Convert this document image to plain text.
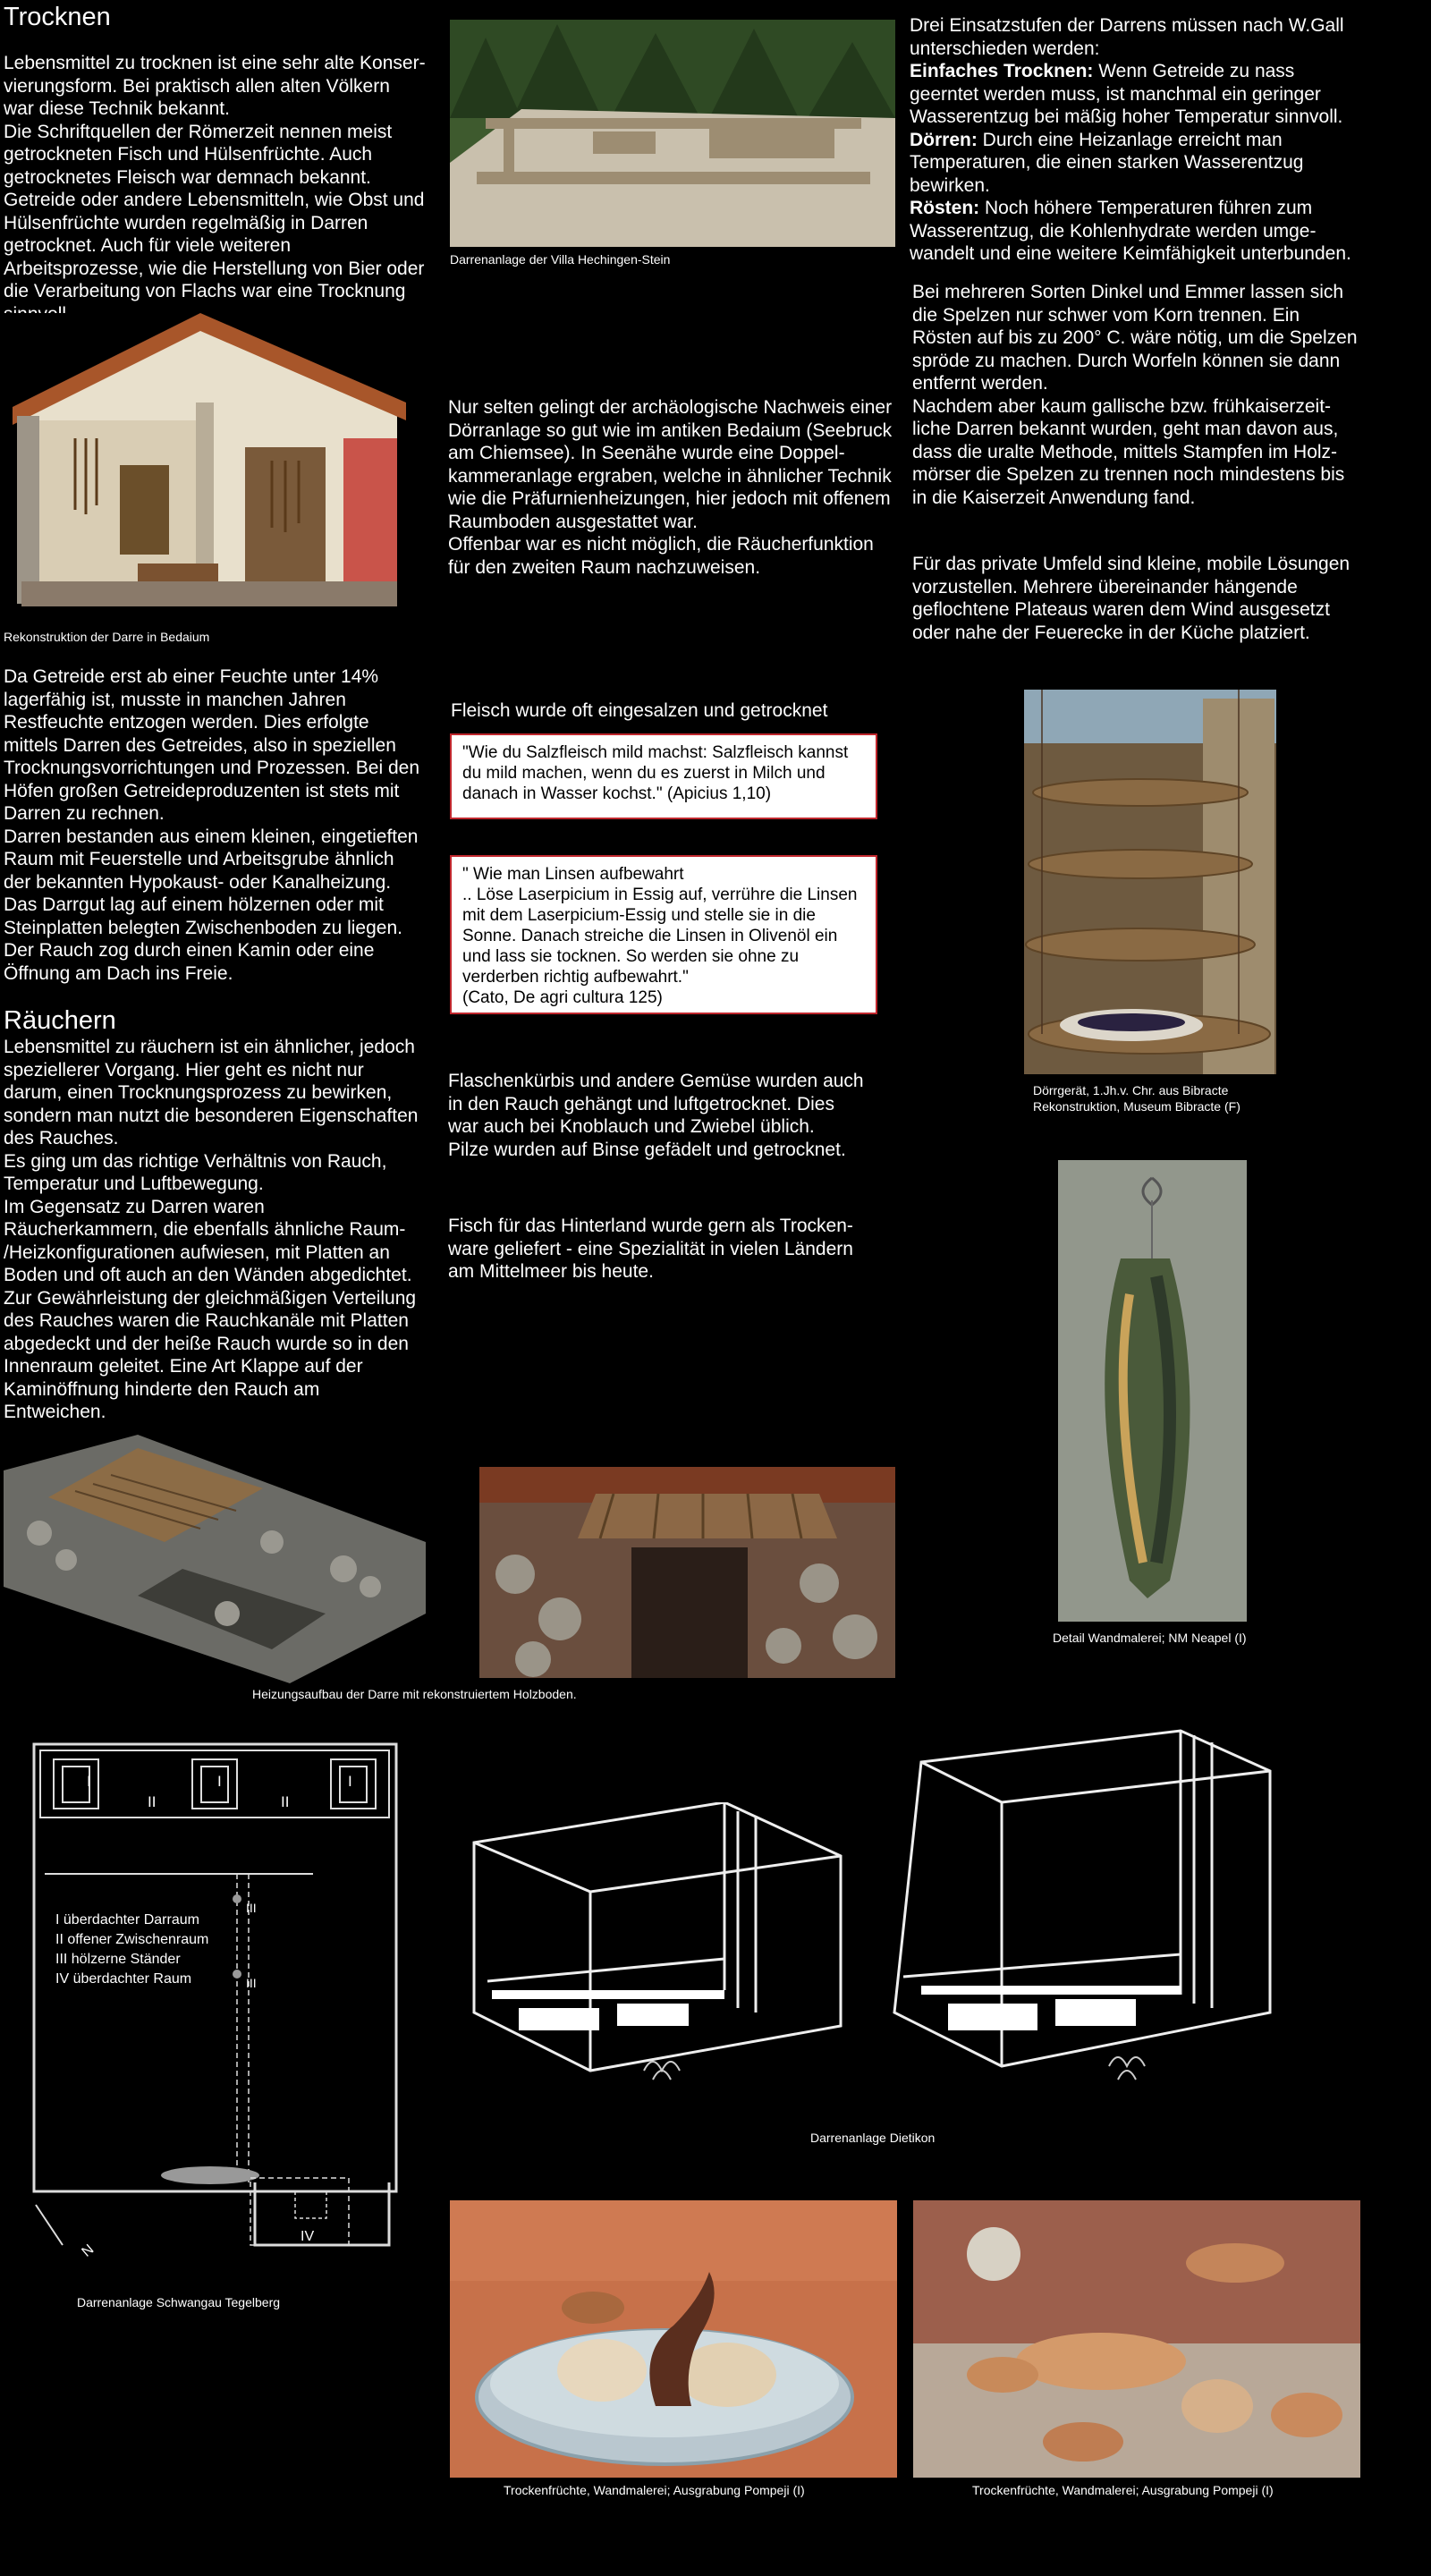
Trocknen
Lebensmittel zu trocknen ist eine sehr alte Konser-
vierungsform. Bei praktisch allen alten Völkern
war diese Technik bekannt.
Die Schriftquellen der Römerzeit nennen meist
getrockneten Fisch und Hülsenfrüchte. Auch
getrocknetes Fleisch war demnach bekannt.
Getreide oder andere Lebensmitteln, wie Obst und
Hülsenfrüchte wurden regelmäßig in Darren
getrocknet. Auch für viele weiteren
Arbeitsprozesse, wie die Herstellung von Bier oder
die Verarbeitung von Flachs war eine Trocknung

Rekonstruktion der Darre in Bedaium
Da Getreide erst ab einer Feuchte unter 14%
lagerfähig ist, musste in manchen Jahren
Restfeuchte entzogen werden. Dies erfolgte
mittels Darren des Getreides, also in speziellen
Trocknungsvorrichtungen und Prozessen. Bei den
Höfen großen Getreideproduzenten ist stets mit
Darren zu rechnen.
Darren bestanden aus einem kleinen, eingetieften
Raum mit Feuerstelle und Arbeitsgrube ähnlich
der bekannten Hypokaust- oder Kanalheizung.
Das Darrgut lag auf einem hölzernen oder mit
Steinplatten belegten Zwischenboden zu liegen.
Der Rauch zog durch einen Kamin oder eine
Öffnung am Dach ins Freie.
Räuchern
Lebensmittel zu räuchern ist ein ähnlicher, jedoch
speziellerer Vorgang. Hier geht es nicht nur
darum, einen Trocknungsprozess zu bewirken,
sondern man nutzt die besonderen Eigenschaften
des Rauches.
Es ging um das richtige Verhältnis von Rauch,
Temperatur und Luftbewegung.
Im Gegensatz zu Darren waren
Räucherkammern, die ebenfalls ähnliche Raum-
/Heizkonfigurationen aufwiesen, mit Platten an
Boden und oft auch an den Wänden abgedichtet.
Zur Gewährleistung der gleichmäßigen Verteilung
des Rauches waren die Rauchkanäle mit Platten
abgedeckt und der heiße Rauch wurde so in den
Innenraum geleitet. Eine Art Klappe auf der
Kaminöffnung hinderte den Rauch am
Entweichen.
Darrenanlage der Villa Hechingen-Stein
Nur selten gelingt der archäologische Nachweis einer
Dörranlage so gut wie im antiken Bedaium (Seebruck
am Chiemsee). In Seenähe wurde eine Doppel-
kammeranlage ergraben, welche in ähnlicher Technik
wie die Präfurnienheizungen, hier jedoch mit offenem
Raumboden ausgestattet war.
Offenbar war es nicht möglich, die Räucherfunktion
für den zweiten Raum nachzuweisen.
Fleisch wurde oft eingesalzen und getrocknet
"Wie du Salzfleisch mild machst: Salzfleisch kannst
du mild machen, wenn du es zuerst in Milch und
danach in Wasser kochst." (Apicius 1,10)
" Wie man Linsen aufbewahrt
.. Löse Laserpicium in Essig auf, verrühre die Linsen
mit dem Laserpicium-Essig und stelle sie in die
Sonne. Danach streiche die Linsen in Olivenöl ein
und lass sie tocknen. So werden sie ohne zu
verderben richtig aufbewahrt."
(Cato, De agri cultura 125)
Flaschenkürbis und andere Gemüse wurden auch
in den Rauch gehängt und luftgetrocknet. Dies
war auch bei Knoblauch und Zwiebel üblich.
Pilze wurden auf Binse gefädelt und getrocknet.
Fisch für das Hinterland wurde gern als Trocken-
ware geliefert - eine Spezialität in vielen Ländern
am Mittelmeer bis heute.
Drei Einsatzstufen der Darrens müssen nach W.Gall
unterschieden werden:
Einfaches Trocknen: Wenn Getreide zu nass
geerntet werden muss, ist manchmal ein geringer
Wasserentzug bei mäßig hoher Temperatur sinnvoll.
Dörren: Durch eine Heizanlage erreicht man
Temperaturen, die einen starken Wasserentzug
bewirken.
Rösten: Noch höhere Temperaturen führen zum
Wasserentzug, die Kohlenhydrate werden umge-
wandelt und eine weitere Keimfähigkeit unterbunden.
Bei mehreren Sorten Dinkel und Emmer lassen sich
die Spelzen nur schwer vom Korn trennen. Ein
Rösten auf bis zu 200° C. wäre nötig, um die Spelzen
spröde zu machen. Durch Worfeln können sie dann
entfernt werden.
Nachdem aber kaum gallische bzw. frühkaiserzeit-
liche Darren bekannt wurden, geht man davon aus,
dass die uralte Methode, mittels Stampfen im Holz-
mörser die Spelzen zu trennen noch mindestens bis
in die Kaiserzeit Anwendung fand.
Für das private Umfeld sind kleine, mobile Lösungen
vorzustellen. Mehrere übereinander hängende
geflochtene Plateaus waren dem Wind ausgesetzt
oder nahe der Feuerecke in der Küche platziert.
Dörrgerät, 1.Jh.v. Chr. aus Bibracte
Rekonstruktion, Museum Bibracte (F)
Detail Wandmalerei; NM Neapel (I)
Heizungsaufbau der Darre mit rekonstruiertem Holzboden.
I
II
I
II
I
I überdachter Darraum
II offener Zwischenraum
III hölzerne Ständer
IV überdachter Raum
III
III
IV
N
Darrenanlage Schwangau Tegelberg
Darrenanlage Dietikon
Trockenfrüchte, Wandmalerei; Ausgrabung Pompeji (I)	Trockenfrüchte, Wandmalerei; Ausgrabung Pompeji (I)
